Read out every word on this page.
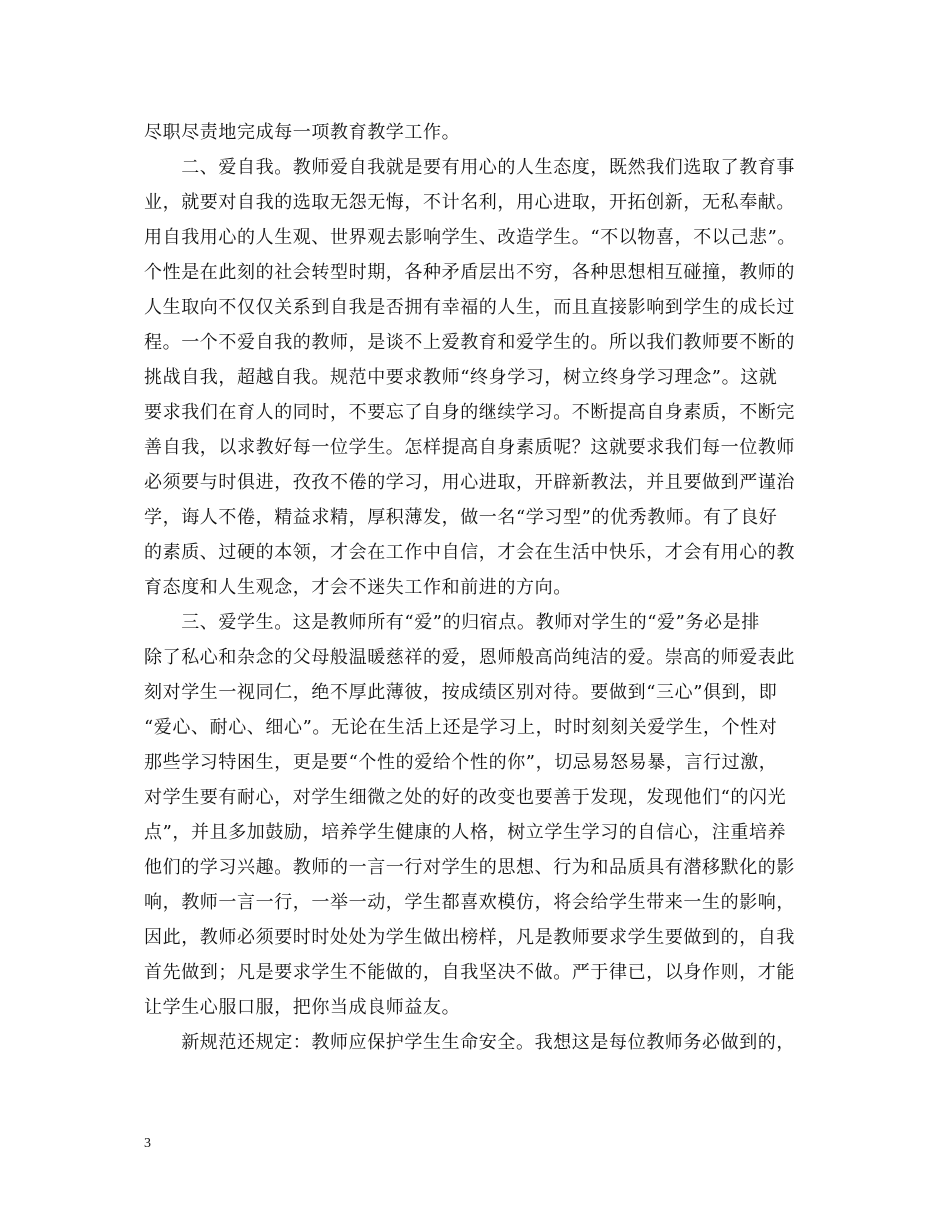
尽职尽责地完成每一项教育教学工作。
　　二、爱自我。教师爱自我就是要有用心的人生态度，既然我们选取了教育事
业，就要对自我的选取无怨无悔，不计名利，用心进取，开拓创新，无私奉献。
用自我用心的人生观、世界观去影响学生、改造学生。“不以物喜，不以己悲”。
个性是在此刻的社会转型时期，各种矛盾层出不穷，各种思想相互碰撞，教师的
人生取向不仅仅关系到自我是否拥有幸福的人生，而且直接影响到学生的成长过
程。一个不爱自我的教师，是谈不上爱教育和爱学生的。所以我们教师要不断的
挑战自我，超越自我。规范中要求教师“终身学习，树立终身学习理念”。这就
要求我们在育人的同时，不要忘了自身的继续学习。不断提高自身素质，不断完
善自我，以求教好每一位学生。怎样提高自身素质呢？这就要求我们每一位教师
必须要与时俱进，孜孜不倦的学习，用心进取，开辟新教法，并且要做到严谨治
学，诲人不倦，精益求精，厚积薄发，做一名“学习型”的优秀教师。有了良好
的素质、过硬的本领，才会在工作中自信，才会在生活中快乐，才会有用心的教
育态度和人生观念，才会不迷失工作和前进的方向。
　　三、爱学生。这是教师所有“爱”的归宿点。教师对学生的“爱”务必是排
除了私心和杂念的父母般温暖慈祥的爱，恩师般高尚纯洁的爱。崇高的师爱表此
刻对学生一视同仁，绝不厚此薄彼，按成绩区别对待。要做到“三心”俱到，即
“爱心、耐心、细心”。无论在生活上还是学习上，时时刻刻关爱学生，个性对
那些学习特困生，更是要“个性的爱给个性的你”，切忌易怒易暴，言行过激，
对学生要有耐心，对学生细微之处的好的改变也要善于发现，发现他们“的闪光
点”，并且多加鼓励，培养学生健康的人格，树立学生学习的自信心，注重培养
他们的学习兴趣。教师的一言一行对学生的思想、行为和品质具有潜移默化的影
响，教师一言一行，一举一动，学生都喜欢模仿，将会给学生带来一生的影响，
因此，教师必须要时时处处为学生做出榜样，凡是教师要求学生要做到的，自我
首先做到；凡是要求学生不能做的，自我坚决不做。严于律已，以身作则，才能
让学生心服口服，把你当成良师益友。
　　新规范还规定：教师应保护学生生命安全。我想这是每位教师务必做到的，
3
